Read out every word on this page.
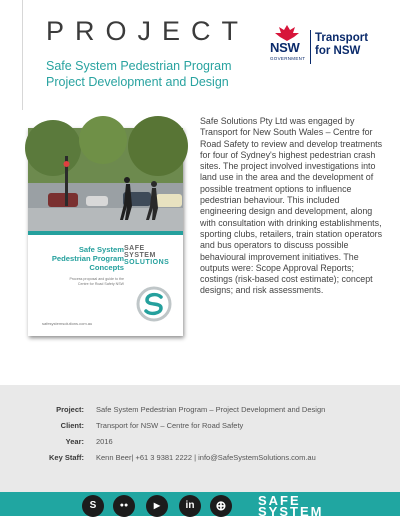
PROJECT
Safe System Pedestrian Program
Project Development and Design
NSW
GOVERNMENT
Transport
for NSW
Safe System
Pedestrian Program
Concepts
Process proposal and guide to the
Centre for Road Safety NSW
SAFE
SYSTEM
SOLUTIONS
safesystemsolutions.com.au

Safe Solutions Pty Ltd was engaged by Transport for New South Wales – Centre for Road Safety to review and develop treatments for four of Sydney's highest pedestrian crash sites. The project involved investigations into land use in the area and the development of possible treatment options to influence pedestrian behaviour. This included engineering design and development, along with consultation with drinking establishments, sporting clubs, retailers, train station operators and bus operators to discuss possible behavioural improvement initiatives. The outputs were: Scope Approval Reports; costings (risk-based cost estimate); concept designs; and risk assessments.

Project: Safe System Pedestrian Program – Project Development and Design
Client: Transport for NSW – Centre for Road Safety
Year: 2016
Key Staff: Kenn Beer| +61 3 9381 2222 | info@SafeSystemSolutions.com.au
S	●●	▶	in	⊕	SAFE
SYSTEM
SOLUTIONS
